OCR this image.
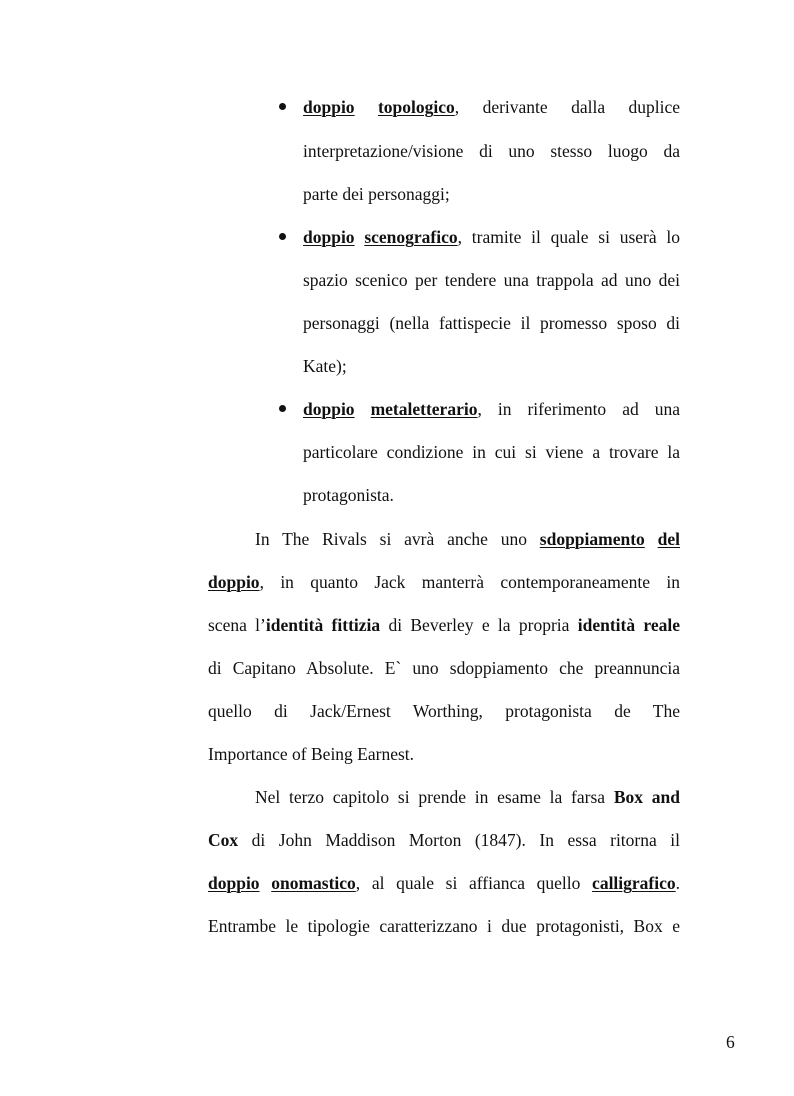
doppio topologico, derivante dalla duplice
interpretazione/visione di uno stesso luogo da
parte dei personaggi;
doppio scenografico, tramite il quale si userà lo
spazio scenico per tendere una trappola ad uno dei
personaggi (nella fattispecie il promesso sposo di
Kate);
doppio metaletterario, in riferimento ad una
particolare condizione in cui si viene a trovare la
protagonista.
In The Rivals si avrà anche uno sdoppiamento del
doppio, in quanto Jack manterrà contemporaneamente in
scena l’identità fittizia di Beverley e la propria identità reale
di Capitano Absolute. E` uno sdoppiamento che preannuncia
quello di Jack/Ernest Worthing, protagonista de The
Importance of Being Earnest.
Nel terzo capitolo si prende in esame la farsa Box and
Cox di John Maddison Morton (1847). In essa ritorna il
doppio onomastico, al quale si affianca quello calligrafico.
Entrambe le tipologie caratterizzano i due protagonisti, Box e
6
